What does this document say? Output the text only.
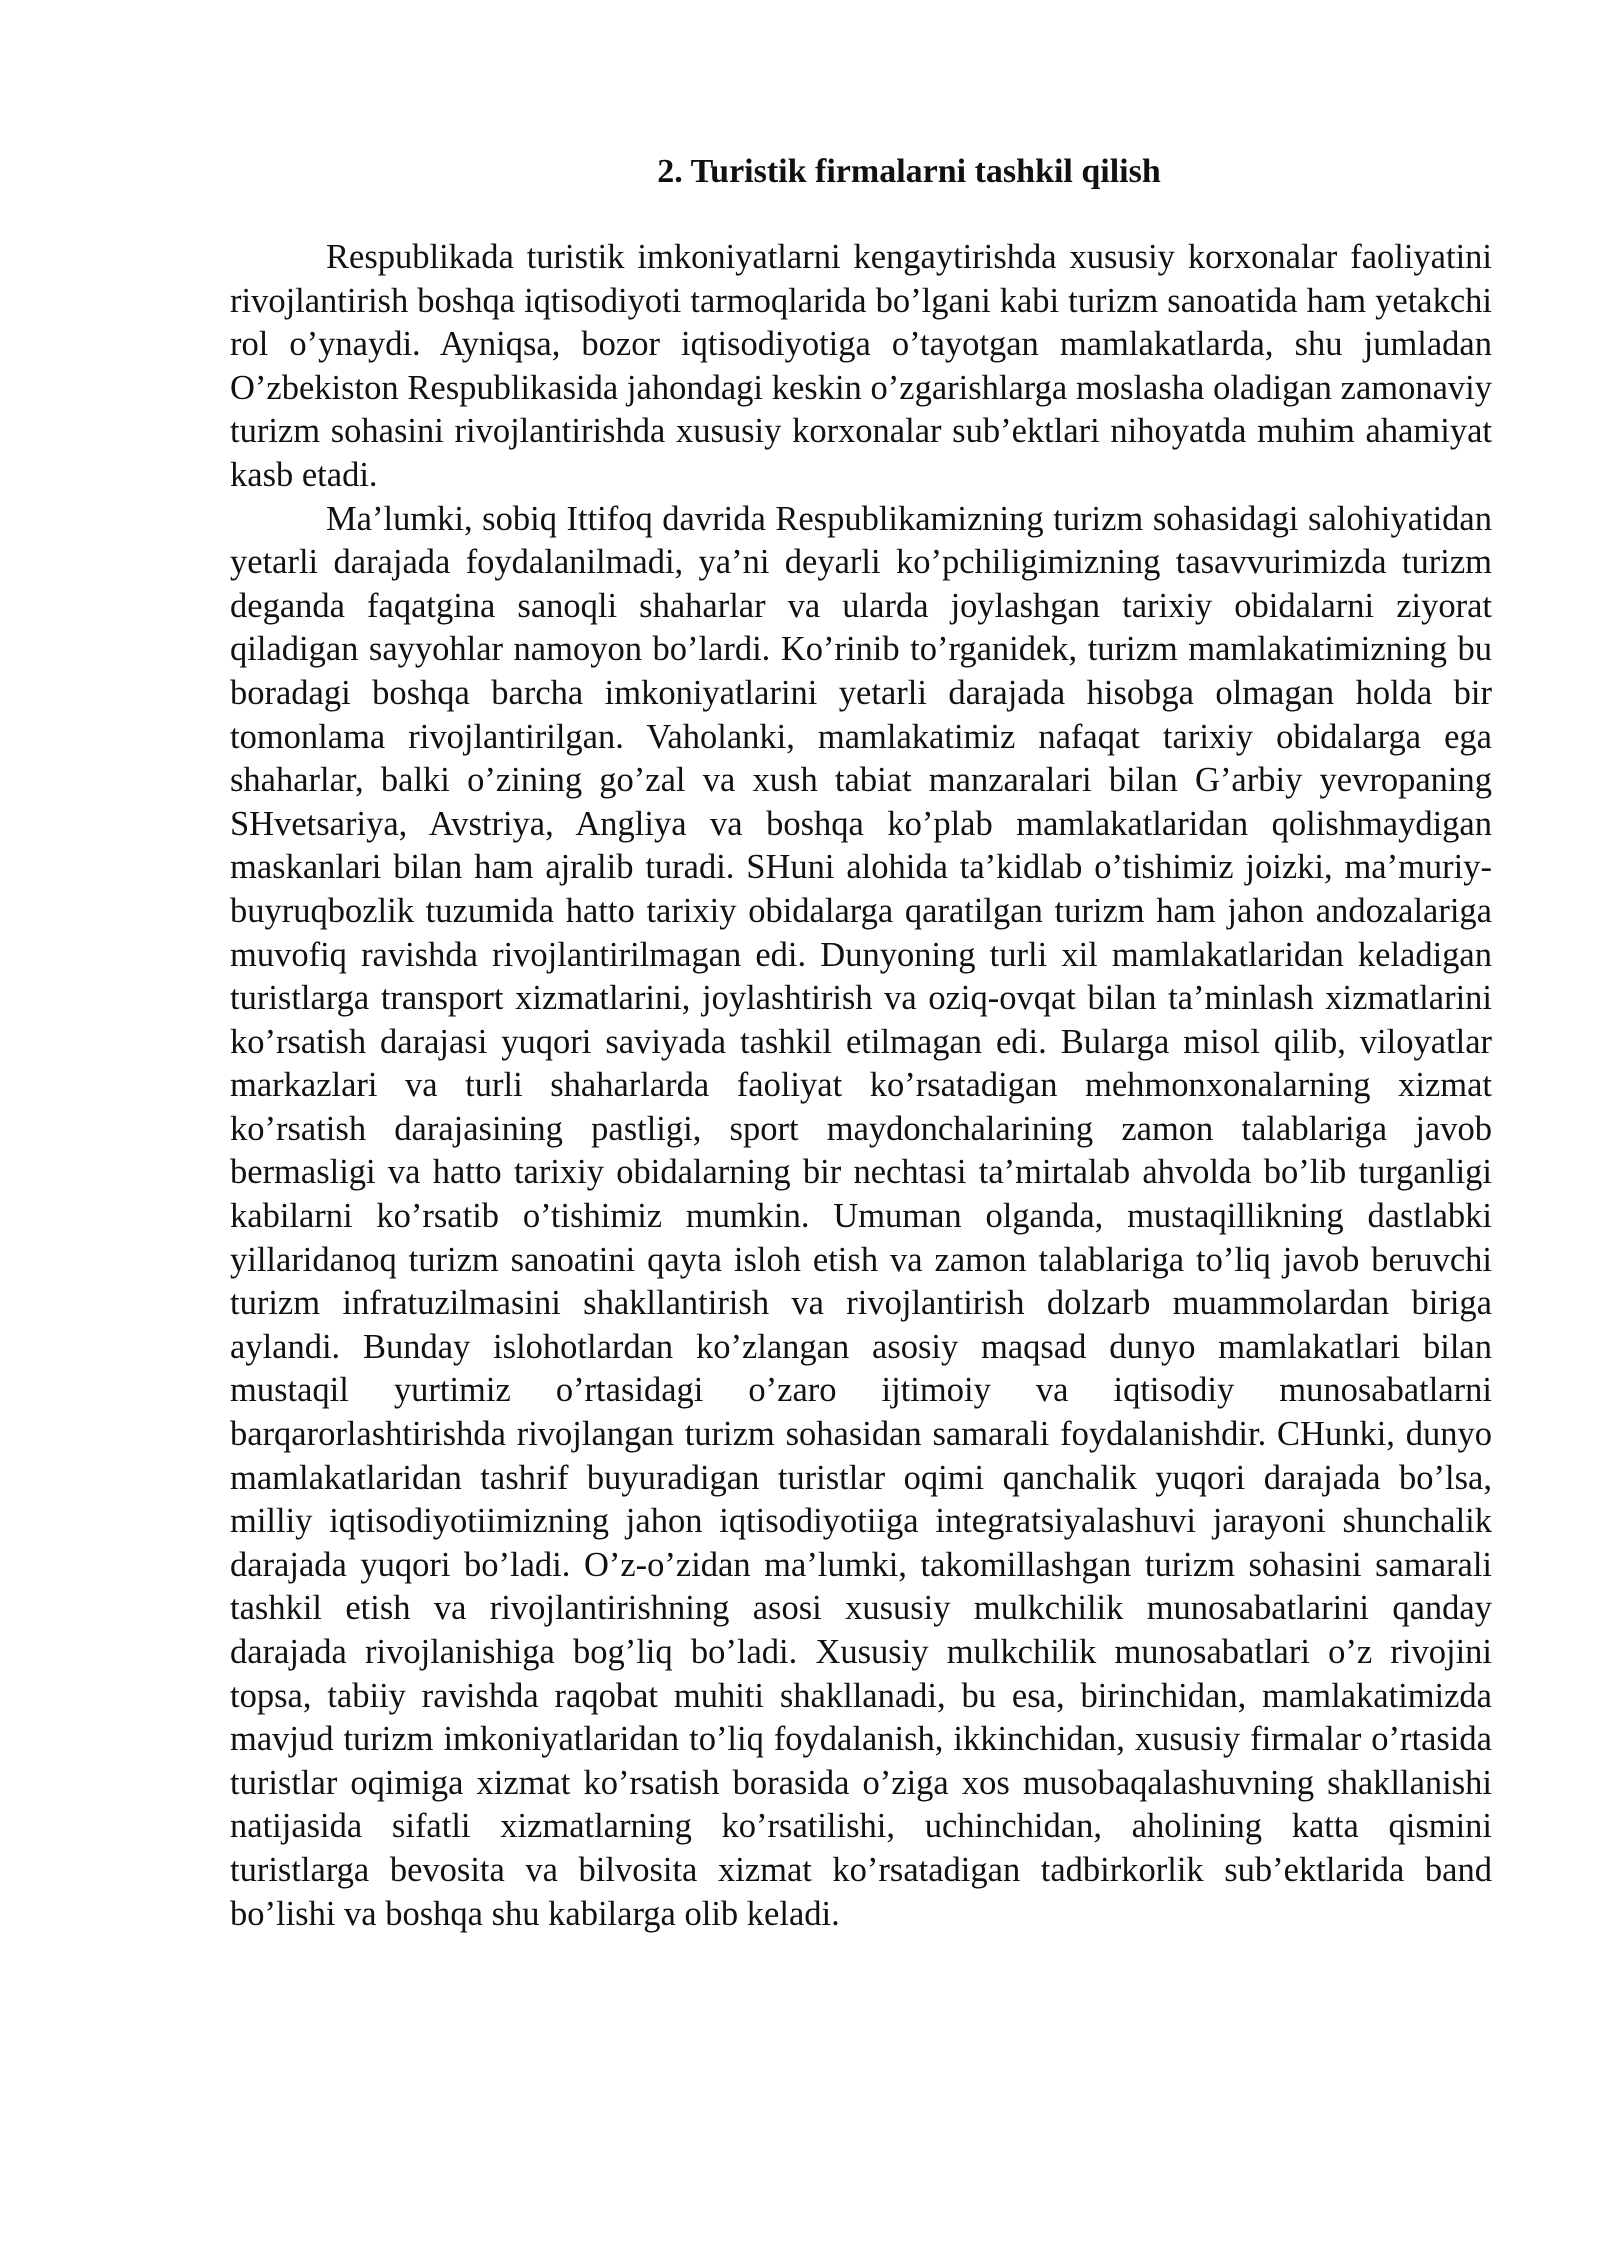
2. Turistik firmalarni tashkil qilish

Respublikada turistik imkoniyatlarni kengaytirishda xususiy korxonalar faoliyatini rivojlantirish boshqa iqtisodiyoti tarmoqlarida bo’lgani kabi turizm sanoatida ham yetakchi rol o’ynaydi. Ayniqsa, bozor iqtisodiyotiga o’tayotgan mamlakatlarda, shu jumladan O’zbekiston Respublikasida jahondagi keskin o’zgarishlarga moslasha oladigan zamonaviy turizm sohasini rivojlantirishda xususiy korxonalar sub’ektlari nihoyatda muhim ahamiyat kasb etadi.

Ma’lumki, sobiq Ittifoq davrida Respublikamizning turizm sohasidagi salohiyatidan yetarli darajada foydalanilmadi, ya’ni deyarli ko’pchiligimizning tasavvurimizda turizm deganda faqatgina sanoqli shaharlar va ularda joylashgan tarixiy obidalarni ziyorat qiladigan sayyohlar namoyon bo’lardi. Ko’rinib to’rganidek, turizm mamlakatimizning bu boradagi boshqa barcha imkoniyatlarini yetarli darajada hisobga olmagan holda bir tomonlama rivojlantirilgan. Vaholanki, mamlakatimiz nafaqat tarixiy obidalarga ega shaharlar, balki o’zining go’zal va xush tabiat manzaralari bilan G’arbiy yevropaning SHvetsariya, Avstriya, Angliya va boshqa ko’plab mamlakatlaridan qolishmaydigan maskanlari bilan ham ajralib turadi. SHuni alohida ta’kidlab o’tishimiz joizki, ma’muriy-buyruqbozlik tuzumida hatto tarixiy obidalarga qaratilgan turizm ham jahon andozalariga muvofiq ravishda rivojlantirilmagan edi. Dunyoning turli xil mamlakatlaridan keladigan turistlarga transport xizmatlarini, joylashtirish va oziq-ovqat bilan ta’minlash xizmatlarini ko’rsatish darajasi yuqori saviyada tashkil etilmagan edi. Bularga misol qilib, viloyatlar markazlari va turli shaharlarda faoliyat ko’rsatadigan mehmonxonalarning xizmat ko’rsatish darajasining pastligi, sport maydonchalarining zamon talablariga javob bermasligi va hatto tarixiy obidalarning bir nechtasi ta’mirtalab ahvolda bo’lib turganligi kabilarni ko’rsatib o’tishimiz mumkin. Umuman olganda, mustaqillikning dastlabki yillaridanoq turizm sanoatini qayta isloh etish va zamon talablariga to’liq javob beruvchi turizm infratuzilmasini shakllantirish va rivojlantirish dolzarb muammolardan biriga aylandi. Bunday islohotlardan ko’zlangan asosiy maqsad dunyo mamlakatlari bilan mustaqil yurtimiz o’rtasidagi o’zaro ijtimoiy va iqtisodiy munosabatlarni barqarorlashtirishda rivojlangan turizm sohasidan samarali foydalanishdir. CHunki, dunyo mamlakatlaridan tashrif buyuradigan turistlar oqimi qanchalik yuqori darajada bo’lsa, milliy iqtisodiyotiimizning jahon iqtisodiyotiiga integratsiyalashuvi jarayoni shunchalik darajada yuqori bo’ladi. O’z-o’zidan ma’lumki, takomillashgan turizm sohasini samarali tashkil etish va rivojlantirishning asosi xususiy mulkchilik munosabatlarini qanday darajada rivojlanishiga bog’liq bo’ladi. Xususiy mulkchilik munosabatlari o’z rivojini topsa, tabiiy ravishda raqobat muhiti shakllanadi, bu esa, birinchidan, mamlakatimizda mavjud turizm imkoniyatlaridan to’liq foydalanish, ikkinchidan, xususiy firmalar o’rtasida turistlar oqimiga xizmat ko’rsatish borasida o’ziga xos musobaqalashuvning shakllanishi natijasida sifatli xizmatlarning ko’rsatilishi, uchinchidan, aholining katta qismini turistlarga bevosita va bilvosita xizmat ko’rsatadigan tadbirkorlik sub’ektlarida band bo’lishi va boshqa shu kabilarga olib keladi.
